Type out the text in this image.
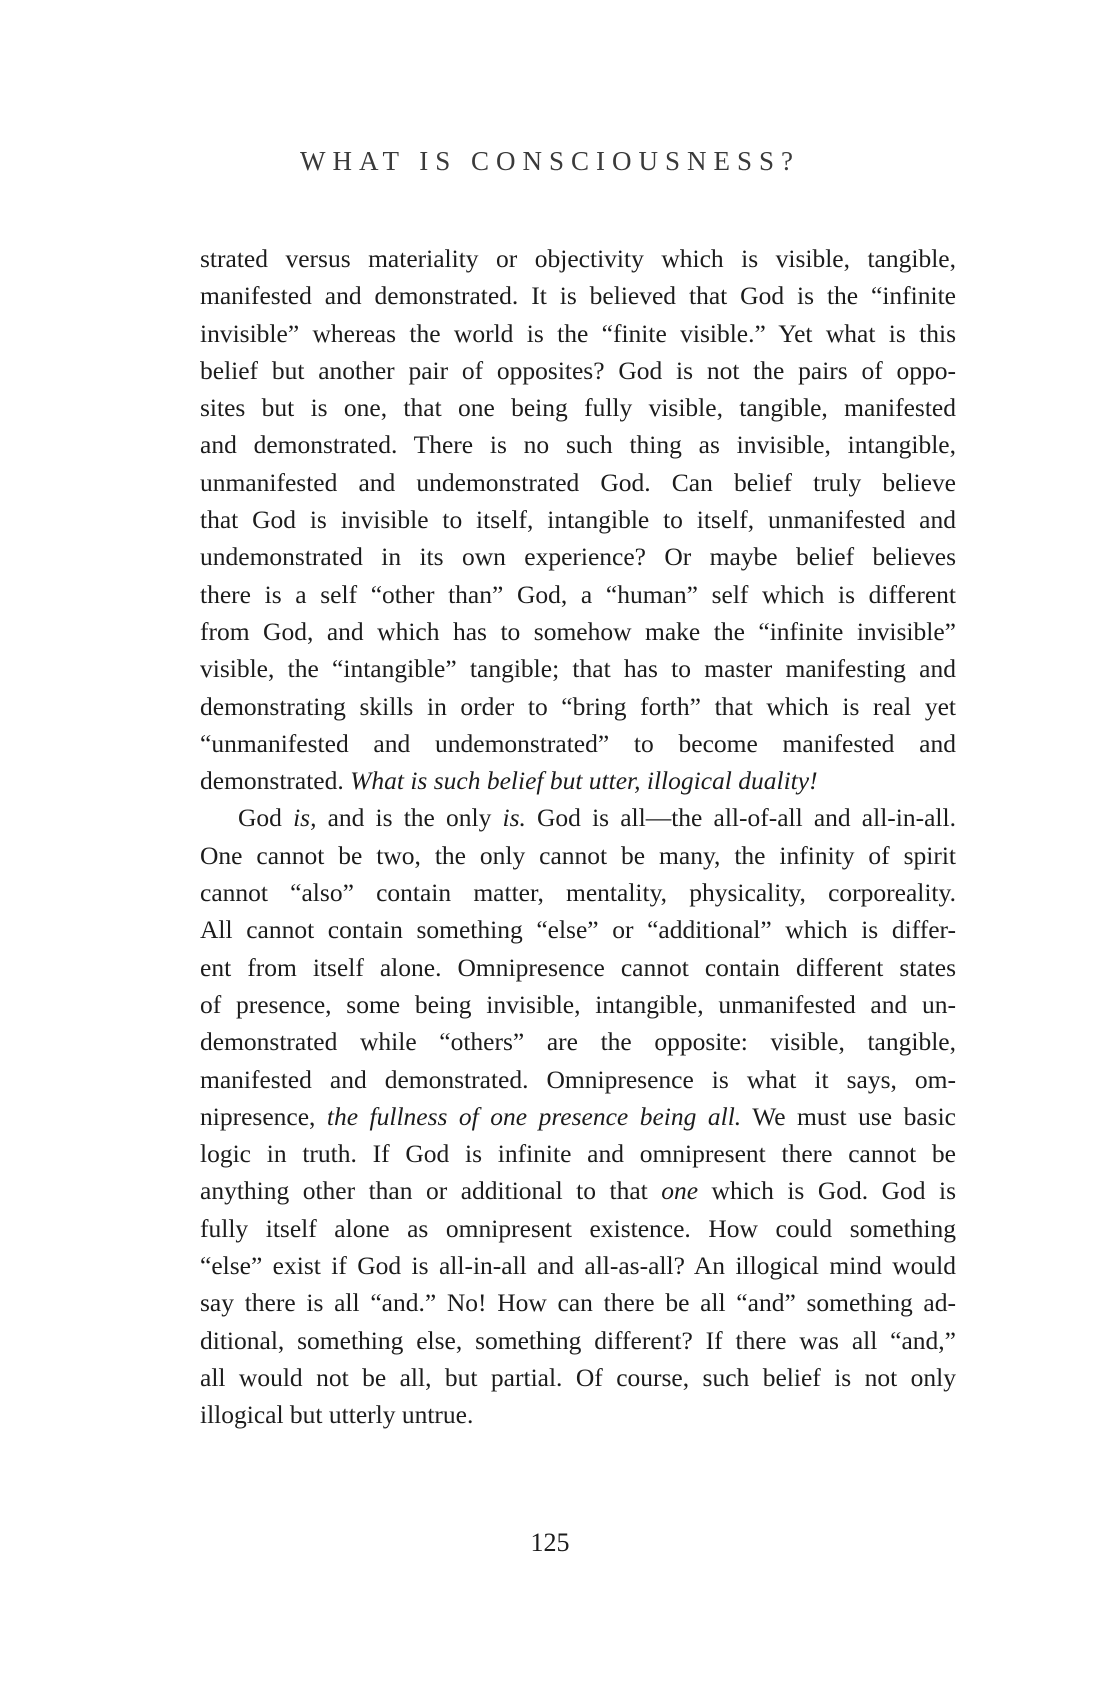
WHAT IS CONSCIOUSNESS?
strated versus materiality or objectivity which is visible, tangible,
manifested and demonstrated. It is believed that God is the “infinite
invisible” whereas the world is the “finite visible.” Yet what is this
belief but another pair of opposites? God is not the pairs of oppo-
sites but is one, that one being fully visible, tangible, manifested
and demonstrated. There is no such thing as invisible, intangible,
unmanifested and undemonstrated God. Can belief truly believe
that God is invisible to itself, intangible to itself, unmanifested and
undemonstrated in its own experience? Or maybe belief believes
there is a self “other than” God, a “human” self which is different
from God, and which has to somehow make the “infinite invisible”
visible, the “intangible” tangible; that has to master manifesting and
demonstrating skills in order to “bring forth” that which is real yet
“unmanifested and undemonstrated” to become manifested and
demonstrated. What is such belief but utter, illogical duality!
God is, and is the only is. God is all—the all-of-all and all-in-all.
One cannot be two, the only cannot be many, the infinity of spirit
cannot “also” contain matter, mentality, physicality, corporeality.
All cannot contain something “else” or “additional” which is differ-
ent from itself alone. Omnipresence cannot contain different states
of presence, some being invisible, intangible, unmanifested and un-
demonstrated while “others” are the opposite: visible, tangible,
manifested and demonstrated. Omnipresence is what it says, om-
nipresence, the fullness of one presence being all. We must use basic
logic in truth. If God is infinite and omnipresent there cannot be
anything other than or additional to that one which is God. God is
fully itself alone as omnipresent existence. How could something
“else” exist if God is all-in-all and all-as-all? An illogical mind would
say there is all “and.” No! How can there be all “and” something ad-
ditional, something else, something different? If there was all “and,”
all would not be all, but partial. Of course, such belief is not only
illogical but utterly untrue.
125
